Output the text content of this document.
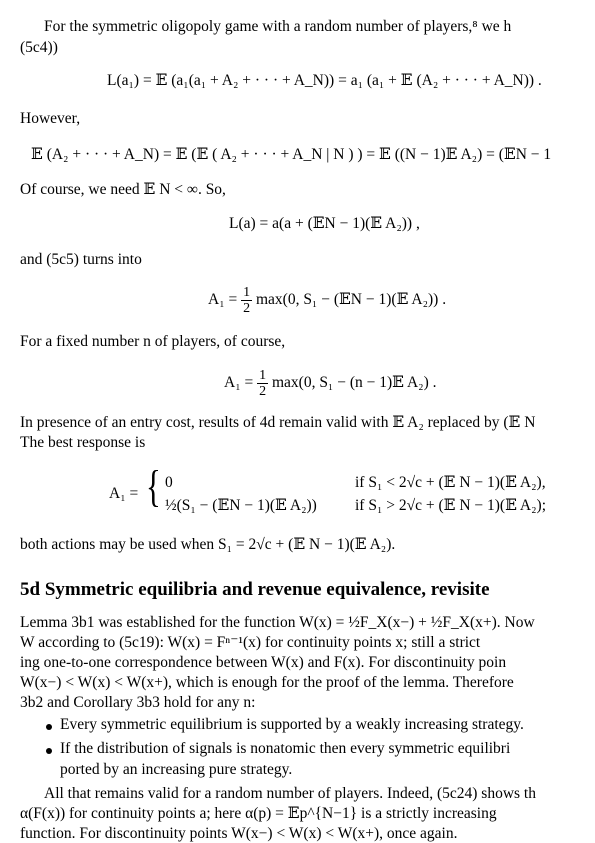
For the symmetric oligopoly game with a random number of players,⁸ we h
(5c4))
L(a₁) = 𝔼 (a₁(a₁ + A₂ + · · · + A_N)) = a₁ (a₁ + 𝔼 (A₂ + · · · + A_N)) .
However,
𝔼 (A₂ + · · · + A_N) = 𝔼 (𝔼 ( A₂ + · · · + A_N | N ) ) = 𝔼 ((N − 1)𝔼 A₂) = (𝔼N − 1
Of course, we need 𝔼 N < ∞. So,
L(a) = a(a + (𝔼N − 1)(𝔼 A₂)) ,
and (5c5) turns into
$A_1 = \frac{1}{2} \max(0$, S₁ − (𝔼N − 1)(𝔼 A₂)) .
For a fixed number n of players, of course,
$A_1 = \frac{1}{2} \max(0$, S₁ − (n − 1)𝔼 A₂) .
In presence of an entry cost, results of 4d remain valid with 𝔼 A₂ replaced by (𝔼 N
The best response is
A₁ = { 0
½(S₁ − (𝔼N − 1)(𝔼 A₂))
if S₁ < 2√c + (𝔼 N − 1)(𝔼 A₂),
if S₁ > 2√c + (𝔼 N − 1)(𝔼 A₂);
both actions may be used when S₁ = 2√c + (𝔼 N − 1)(𝔼 A₂).
5d Symmetric equilibria and revenue equivalence, revisite
Lemma 3b1 was established for the function W(x) = ½F_X(x−) + ½F_X(x+). Now
W according to (5c19): W(x) = Fⁿ⁻¹(x) for continuity points x; still a strict
ing one-to-one correspondence between W(x) and F(x). For discontinuity poin
W(x−) < W(x) < W(x+), which is enough for the proof of the lemma. Therefore
3b2 and Corollary 3b3 hold for any n:
Every symmetric equilibrium is supported by a weakly increasing strategy.
If the distribution of signals is nonatomic then every symmetric equilibri
ported by an increasing pure strategy.
All that remains valid for a random number of players. Indeed, (5c24) shows th
α(F(x)) for continuity points a; here α(p) = 𝔼p^{N−1} is a strictly increasing
function. For discontinuity points W(x−) < W(x) < W(x+), once again.
